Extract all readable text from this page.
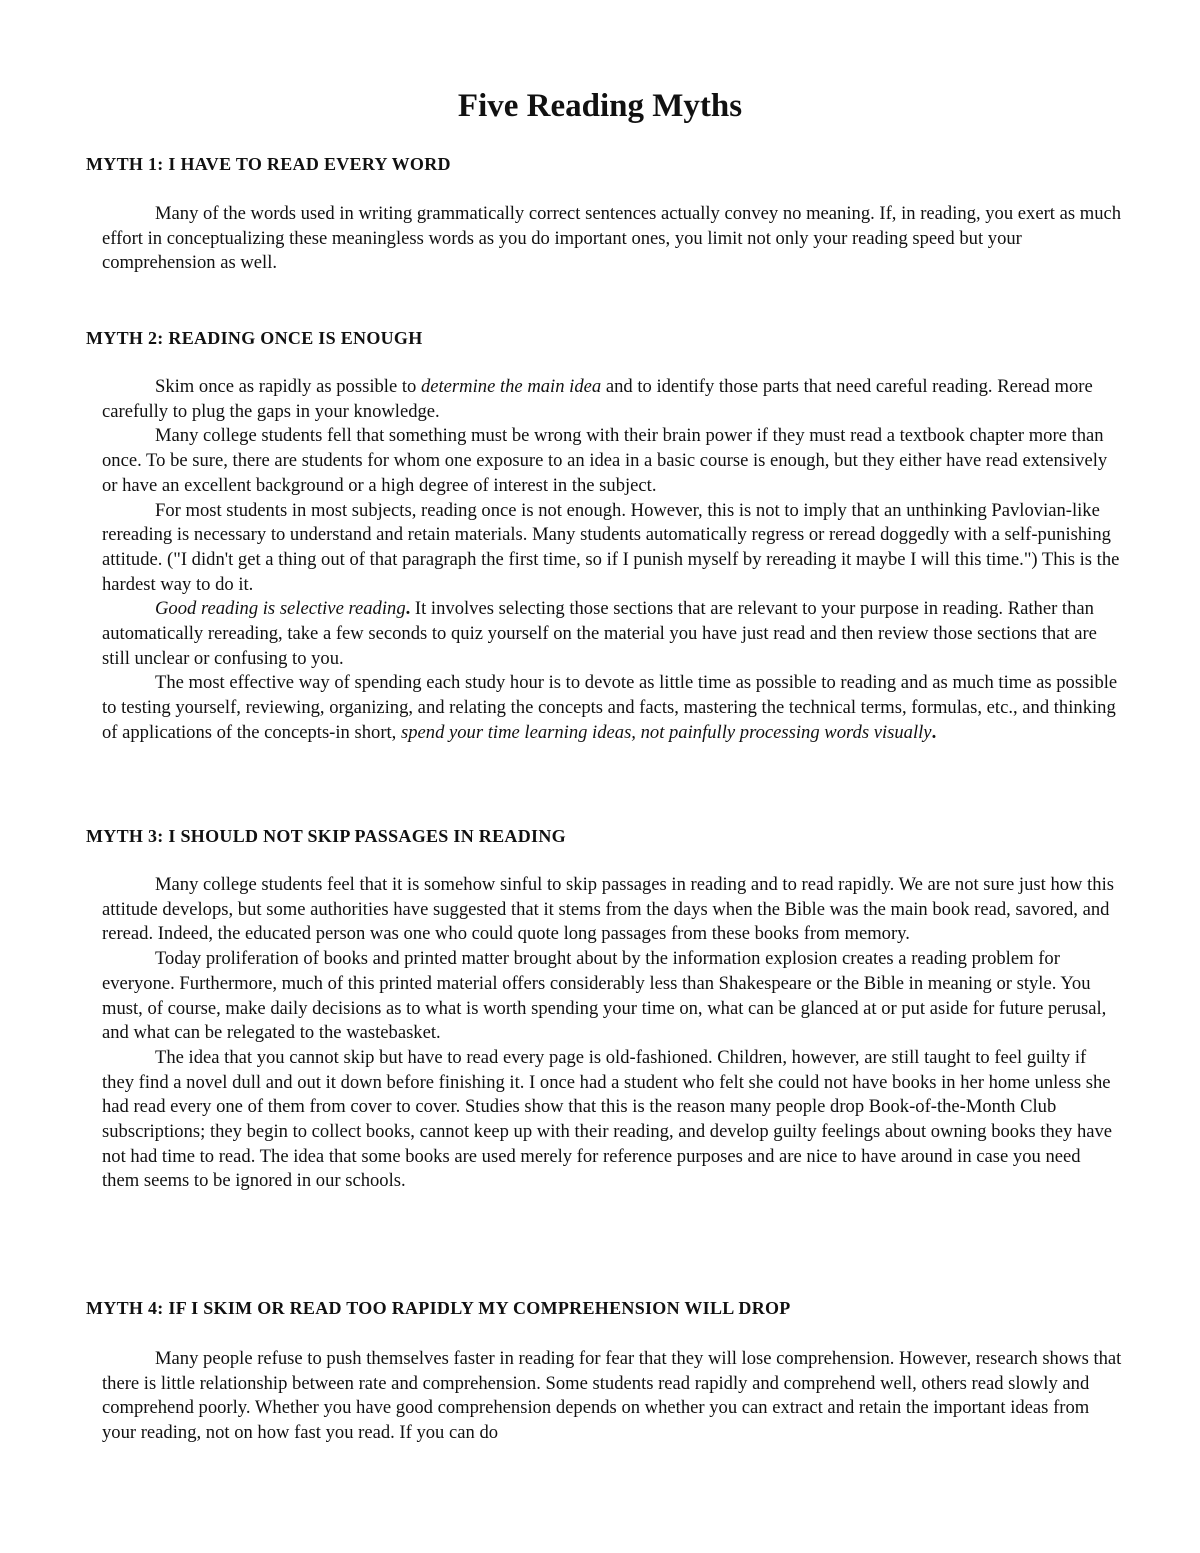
Five Reading Myths
MYTH 1: I HAVE TO READ EVERY WORD

Many of the words used in writing grammatically correct sentences actually convey no meaning. If, in reading, you exert as much effort in conceptualizing these meaningless words as you do important ones, you limit not only your reading speed but your comprehension as well.

MYTH 2: READING ONCE IS ENOUGH

Skim once as rapidly as possible to determine the main idea and to identify those parts that need careful reading. Reread more carefully to plug the gaps in your knowledge.

Many college students fell that something must be wrong with their brain power if they must read a textbook chapter more than once. To be sure, there are students for whom one exposure to an idea in a basic course is enough, but they either have read extensively or have an excellent background or a high degree of interest in the subject.

For most students in most subjects, reading once is not enough. However, this is not to imply that an unthinking Pavlovian-like rereading is necessary to understand and retain materials. Many students automatically regress or reread doggedly with a self-punishing attitude. ("I didn't get a thing out of that paragraph the first time, so if I punish myself by rereading it maybe I will this time.") This is the hardest way to do it.

Good reading is selective reading. It involves selecting those sections that are relevant to your purpose in reading. Rather than automatically rereading, take a few seconds to quiz yourself on the material you have just read and then review those sections that are still unclear or confusing to you.

The most effective way of spending each study hour is to devote as little time as possible to reading and as much time as possible to testing yourself, reviewing, organizing, and relating the concepts and facts, mastering the technical terms, formulas, etc., and thinking of applications of the concepts-in short, spend your time learning ideas, not painfully processing words visually.

MYTH 3: I SHOULD NOT SKIP PASSAGES IN READING

Many college students feel that it is somehow sinful to skip passages in reading and to read rapidly. We are not sure just how this attitude develops, but some authorities have suggested that it stems from the days when the Bible was the main book read, savored, and reread. Indeed, the educated person was one who could quote long passages from these books from memory.

Today proliferation of books and printed matter brought about by the information explosion creates a reading problem for everyone. Furthermore, much of this printed material offers considerably less than Shakespeare or the Bible in meaning or style. You must, of course, make daily decisions as to what is worth spending your time on, what can be glanced at or put aside for future perusal, and what can be relegated to the wastebasket.

The idea that you cannot skip but have to read every page is old-fashioned. Children, however, are still taught to feel guilty if they find a novel dull and out it down before finishing it. I once had a student who felt she could not have books in her home unless she had read every one of them from cover to cover. Studies show that this is the reason many people drop Book-of-the-Month Club subscriptions; they begin to collect books, cannot keep up with their reading, and develop guilty feelings about owning books they have not had time to read. The idea that some books are used merely for reference purposes and are nice to have around in case you need them seems to be ignored in our schools.

MYTH 4: IF I SKIM OR READ TOO RAPIDLY MY COMPREHENSION WILL DROP

Many people refuse to push themselves faster in reading for fear that they will lose comprehension. However, research shows that there is little relationship between rate and comprehension. Some students read rapidly and comprehend well, others read slowly and comprehend poorly. Whether you have good comprehension depends on whether you can extract and retain the important ideas from your reading, not on how fast you read. If you can do
